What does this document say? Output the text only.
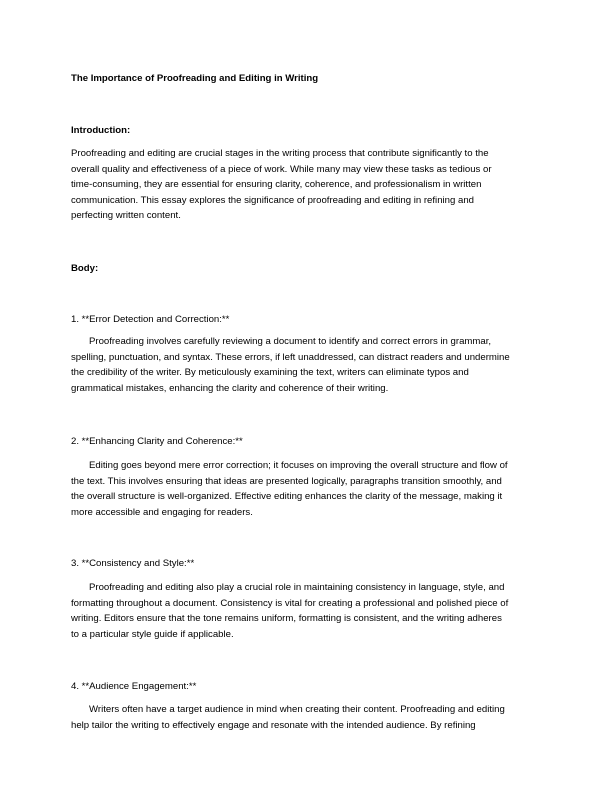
The Importance of Proofreading and Editing in Writing

Introduction:

Proofreading and editing are crucial stages in the writing process that contribute significantly to the
overall quality and effectiveness of a piece of work. While many may view these tasks as tedious or
time-consuming, they are essential for ensuring clarity, coherence, and professionalism in written
communication. This essay explores the significance of proofreading and editing in refining and
perfecting written content.

Body:

1. **Error Detection and Correction:**

Proofreading involves carefully reviewing a document to identify and correct errors in grammar,
spelling, punctuation, and syntax. These errors, if left unaddressed, can distract readers and undermine
the credibility of the writer. By meticulously examining the text, writers can eliminate typos and
grammatical mistakes, enhancing the clarity and coherence of their writing.

2. **Enhancing Clarity and Coherence:**

Editing goes beyond mere error correction; it focuses on improving the overall structure and flow of
the text. This involves ensuring that ideas are presented logically, paragraphs transition smoothly, and
the overall structure is well-organized. Effective editing enhances the clarity of the message, making it
more accessible and engaging for readers.

3. **Consistency and Style:**

Proofreading and editing also play a crucial role in maintaining consistency in language, style, and
formatting throughout a document. Consistency is vital for creating a professional and polished piece of
writing. Editors ensure that the tone remains uniform, formatting is consistent, and the writing adheres
to a particular style guide if applicable.

4. **Audience Engagement:**

Writers often have a target audience in mind when creating their content. Proofreading and editing
help tailor the writing to effectively engage and resonate with the intended audience. By refining
